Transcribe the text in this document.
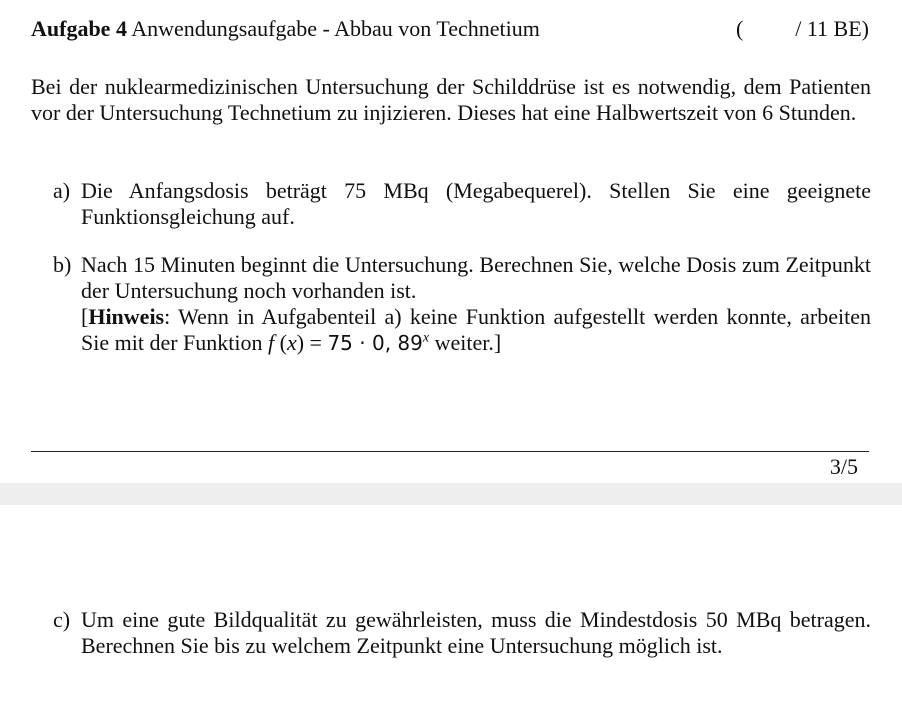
Aufgabe 4 Anwendungsaufgabe - Abbau von Technetium	( / 11 BE)

Bei der nuklearmedizinischen Untersuchung der Schilddrüse ist es notwendig, dem Patienten vor der Untersuchung Technetium zu injizieren. Dieses hat eine Halbwertszeit von 6 Stunden.

a) Die Anfangsdosis beträgt 75 MBq (Megabequerel). Stellen Sie eine geeignete Funktionsgleichung auf.
b) Nach 15 Minuten beginnt die Untersuchung. Berechnen Sie, welche Dosis zum Zeitpunkt der Untersuchung noch vorhanden ist.
[Hinweis: Wenn in Aufgabenteil a) keine Funktion aufgestellt werden konnte, arbeiten Sie mit der Funktion f (x) = 75 · 0, 89$^x$ weiter.]
3/5
c) Um eine gute Bildqualität zu gewährleisten, muss die Mindestdosis 50 MBq betragen. Berechnen Sie bis zu welchem Zeitpunkt eine Untersuchung möglich ist.
